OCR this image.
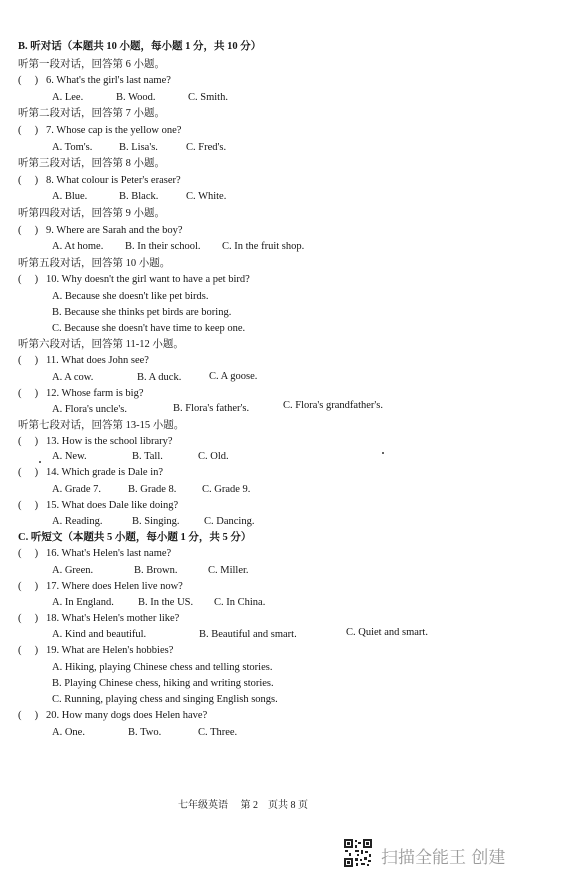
B. 听对话（本题共 10 小题，每小题 1 分，共 10 分）
听第一段对话，回答第 6 小题。
(　 ) 6. What's the girl's last name?
A. Lee.	B. Wood.	C. Smith.
听第二段对话，回答第 7 小题。
(　 ) 7. Whose cap is the yellow one?
A. Tom's.	B. Lisa's.	C. Fred's.
听第三段对话，回答第 8 小题。
(　 ) 8. What colour is Peter's eraser?
A. Blue.	B. Black.	C. White.
听第四段对话，回答第 9 小题。
(　 ) 9. Where are Sarah and the boy?
A. At home. B. In their school. C. In the fruit shop.
听第五段对话，回答第 10 小题。
(　 ) 10. Why doesn't the girl want to have a pet bird?
A. Because she doesn't like pet birds.
B. Because she thinks pet birds are boring.
C. Because she doesn't have time to keep one.
听第六段对话，回答第 11-12 小题。
(　 ) 11. What does John see?
A. A cow.	B. A duck.	C. A goose.
(　 ) 12. Whose farm is big?
A. Flora's uncle's.	B. Flora's father's.	C. Flora's grandfather's.
听第七段对话，回答第 13-15 小题。
(　 ) 13. How is the school library?
A. New.	B. Tall.	C. Old.
(　 ) 14. Which grade is Dale in?
A. Grade 7.	B. Grade 8. C. Grade 9.
(　 ) 15. What does Dale like doing?
A. Reading.	B. Singing. C. Dancing.
C. 听短文（本题共 5 小题，每小题 1 分，共 5 分）
(　 ) 16. What's Helen's last name?
A. Green.	B. Brown.	C. Miller.
(　 ) 17. Where does Helen live now?
A. In England. B. In the US. C. In China.
(　 ) 18. What's Helen's mother like?
A. Kind and beautiful.	B. Beautiful and smart.	C. Quiet and smart.
(　 ) 19. What are Helen's hobbies?
A. Hiking, playing Chinese chess and telling stories.
B. Playing Chinese chess, hiking and writing stories.
C. Running, playing chess and singing English songs.
(　 ) 20. How many dogs does Helen have?
A. One.	B. Two.	C. Three.
七年级英语　 第 2　页共 8 页
扫描全能王 创建
